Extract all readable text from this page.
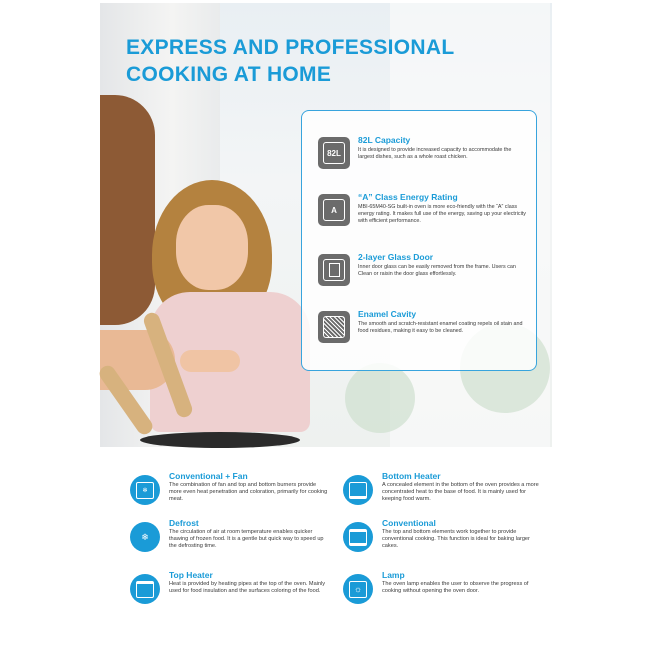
EXPRESS AND PROFESSIONAL
COOKING AT HOME
82L
82L Capacity
It is designed to provide increased capacity to accommodate the largest dishes, such as a whole roast chicken.
A
“A” Class Energy Rating
MBI-65M40-SG built-in oven is more eco-friendly with the “A” class energy rating. It makes full use of the energy, saving up your electricity with efficient performance.
2-layer Glass Door
Inner door glass can be easily removed from the frame. Users can Clean or raisin the door glass effortlessly.
Enamel Cavity
The smooth and scratch-resistant enamel coating repels oil stain and food residues, making it easy to be cleaned.
✻
Conventional + Fan
The combination of fan and top and bottom burners provide more even heat penetration and coloration, primarily for cooking meat.
Bottom Heater
A concealed element in the bottom of the oven provides a more concentrated heat to the base of food. It is mainly used for keeping food warm.
❄
Defrost
The circulation of air at room temperature enables quicker thawing of frozen food. It is a gentle but quick way to speed up the defrosting time.
Conventional
The top and bottom elements work together to provide conventional cooking. This function is ideal for baking larger cakes.
Top Heater
Heat is provided by heating pipes at the top of the oven. Mainly used for food insulation and the surfaces coloring of the food.	☼
Lamp
The oven lamp enables the user to observe the progress of cooking without opening the oven door.
